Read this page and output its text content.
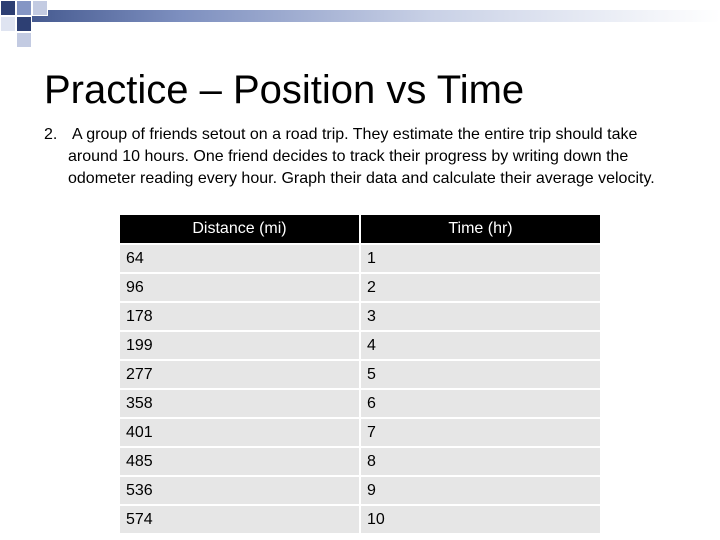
Practice – Position vs Time
2. A group of friends setout on a road trip. They estimate the entire trip should take around 10 hours. One friend decides to track their progress by writing down the odometer reading every hour. Graph their data and calculate their average velocity.
Distance (mi)	Time (hr)
64	1
96	2
178	3
199	4
277	5
358	6
401	7
485	8
536	9
574	10
